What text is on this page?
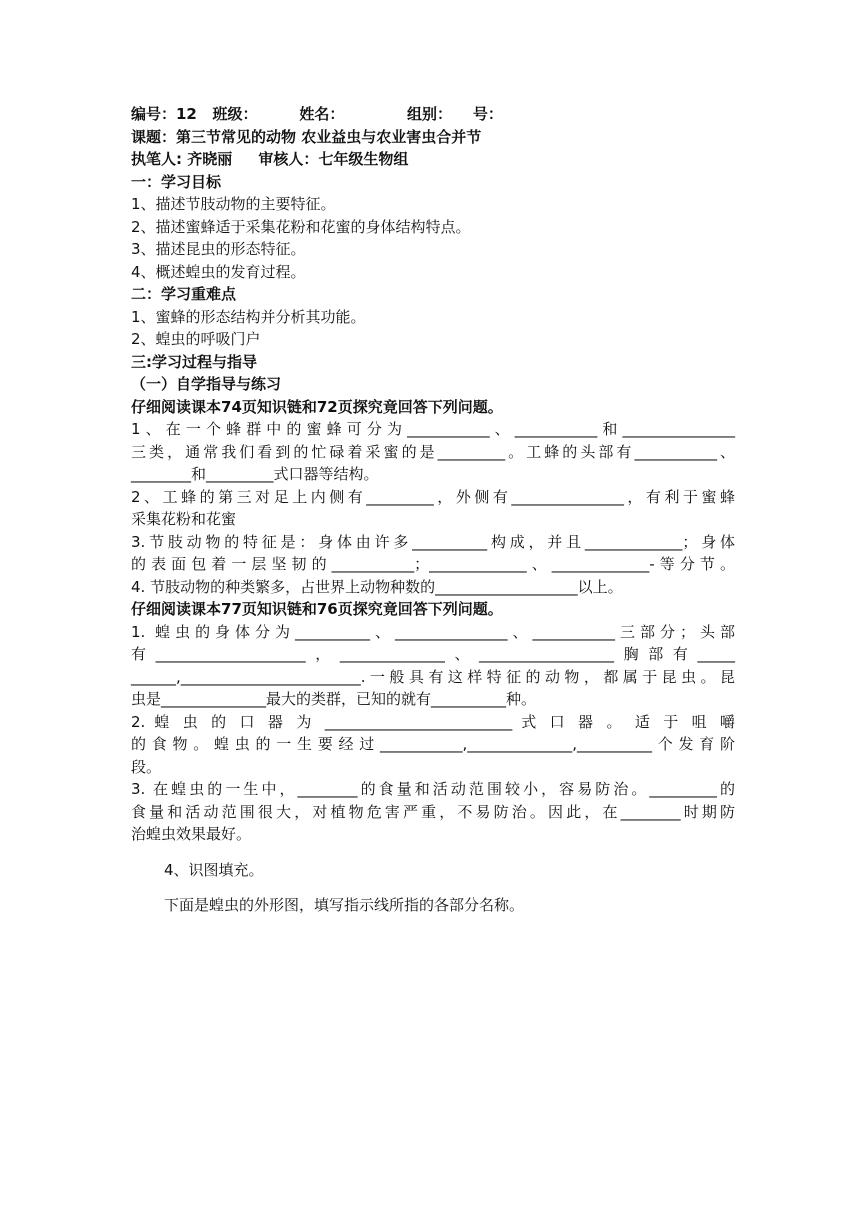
编号：12   班级：        姓名：            组别：    号：
课题：第三节常见的动物 农业益虫与农业害虫合并节
执笔人: 齐晓丽     审核人：七年级生物组
一：学习目标
1、描述节肢动物的主要特征。
2、描述蜜蜂适于采集花粉和花蜜的身体结构特点。
3、描述昆虫的形态特征。
4、概述蝗虫的发育过程。
二：学习重难点
1、蜜蜂的形态结构并分析其功能。
2、蝗虫的呼吸门户
三:学习过程与指导
（一）自学指导与练习
仔细阅读课本74页知识链和72页探究竟回答下列问题。
1、在一个蜂群中的蜜蜂可分为___________、___________和_______________
三类，通常我们看到的忙碌着采蜜的是_________。工蜂的头部有___________、
________和_________式口器等结构。
2、工蜂的第三对足上内侧有_________，外侧有_______________，有利于蜜蜂
采集花粉和花蜜
3.节肢动物的特征是：身体由许多__________构成，并且_____________；身体
的表面包着一层坚韧的___________；_____________、_____________-等分节。
4. 节肢动物的种类繁多，占世界上动物种数的___________________以上。
仔细阅读课本77页知识链和76页探究竟回答下列问题。
1. 蝗虫的身体分为__________、_______________、___________三部分；头部
有____________________，______________、__________________胸部有_____
______,________________________.一般具有这样特征的动物，都属于昆虫。昆
虫是______________最大的类群，已知的就有__________种。
2. 蝗 虫 的 口 器 为 _________________________ 式 口 器 。 适 于 咀 嚼
的食物。蝗虫的一生要经过___________,______________,__________个发育阶
段。
3. 在蝗虫的一生中，________的食量和活动范围较小，容易防治。_________的
食量和活动范围很大，对植物危害严重，不易防治。因此，在________时期防
治蝗虫效果最好。
4、识图填充。
下面是蝗虫的外形图，填写指示线所指的各部分名称。
